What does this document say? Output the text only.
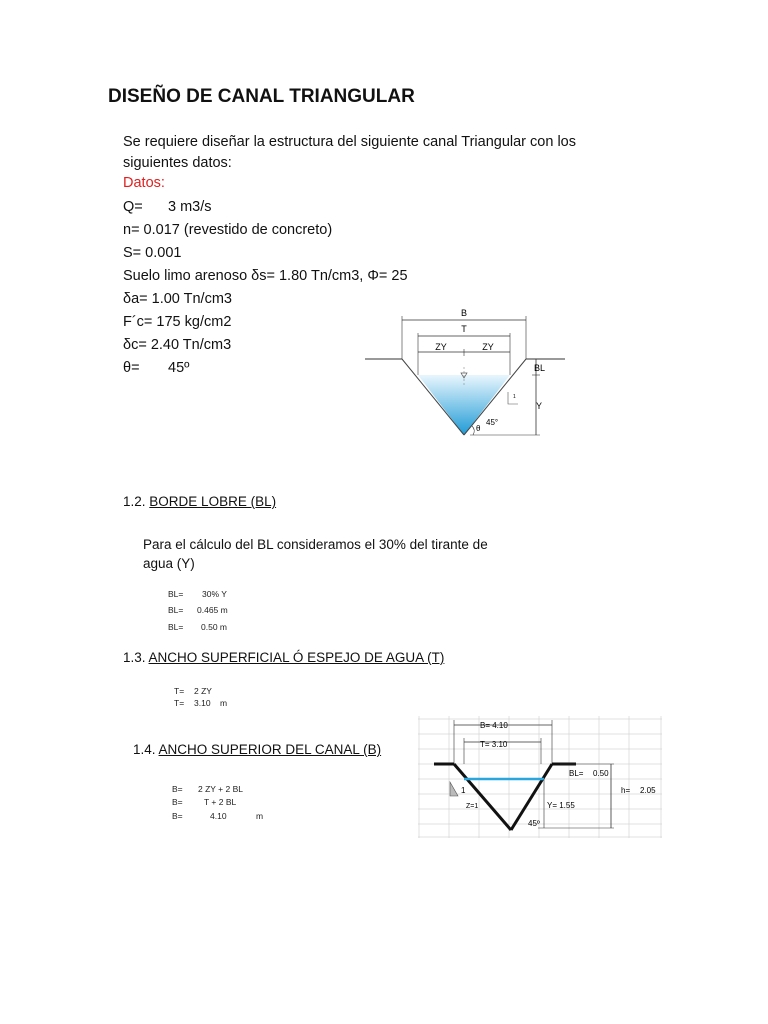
DISEÑO DE CANAL TRIANGULAR
Se requiere diseñar la estructura del siguiente canal Triangular con los siguientes datos:
Datos:
Q= 3 m3/s
n= 0.017 (revestido de concreto)
S= 0.001
Suelo limo arenoso δs= 1.80 Tn/cm3, Φ= 25
δa= 1.00 Tn/cm3
F´c= 175 kg/cm2
δc= 2.40 Tn/cm3
θ= 45º
B
T
ZY	ZY
BL
Y
1
45°
θ
1.2. BORDE LOBRE (BL)
Para el cálculo del BL consideramos el 30% del tirante de agua (Y)
BL= 30% Y
BL= 0.465 m
BL= 0.50 m
1.3. ANCHO SUPERFICIAL Ó ESPEJO DE AGUA (T)
T= 2 ZY
T= 3.10 m
1.4. ANCHO SUPERIOR DEL CANAL (B)
B= 2 ZY + 2 BL
B=	T + 2 BL
B=	4.10	m
B= 4.10
T= 3.10
BL= 0.50
h= 2.05
1
Z=1	Y= 1.55
45º
